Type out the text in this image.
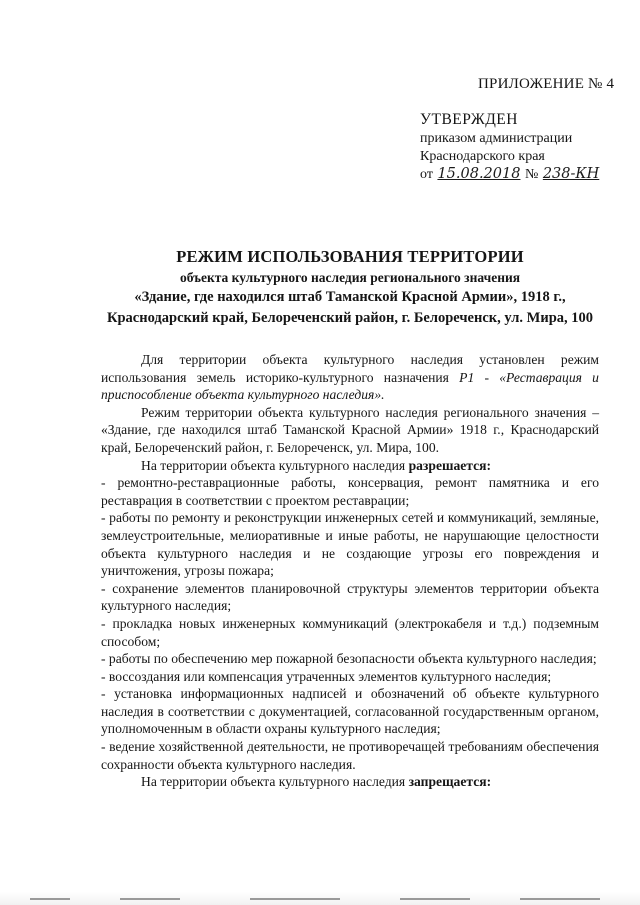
ПРИЛОЖЕНИЕ № 4
УТВЕРЖДЕН
приказом администрации
Краснодарского края
от 15.08.2018 № 238-КН
РЕЖИМ ИСПОЛЬЗОВАНИЯ ТЕРРИТОРИИ
объекта культурного наследия регионального значения
«Здание, где находился штаб Таманской Красной Армии», 1918 г.,
Краснодарский край, Белореченский район, г. Белореченск, ул. Мира, 100

Для территории объекта культурного наследия установлен режим использования земель историко-культурного назначения Р1 - «Реставрация и приспособление объекта культурного наследия».

Режим территории объекта культурного наследия регионального значения – «Здание, где находился штаб Таманской Красной Армии» 1918 г., Краснодарский край, Белореченский район, г. Белореченск, ул. Мира, 100.

На территории объекта культурного наследия разрешается:

- ремонтно-реставрационные работы, консервация, ремонт памятника и его реставрация в соответствии с проектом реставрации;

- работы по ремонту и реконструкции инженерных сетей и коммуникаций, земляные, землеустроительные, мелиоративные и иные работы, не нарушающие целостности объекта культурного наследия и не создающие угрозы его повреждения и уничтожения, угрозы пожара;

- сохранение элементов планировочной структуры элементов территории объекта культурного наследия;

- прокладка новых инженерных коммуникаций (электрокабеля и т.д.) подземным способом;

- работы по обеспечению мер пожарной безопасности объекта культурного наследия;

- воссоздания или компенсация утраченных элементов культурного наследия;

- установка информационных надписей и обозначений об объекте культурного наследия в соответствии с документацией, согласованной государственным органом, уполномоченным в области охраны культурного наследия;

- ведение хозяйственной деятельности, не противоречащей требованиям обеспечения сохранности объекта культурного наследия.

На территории объекта культурного наследия запрещается:
